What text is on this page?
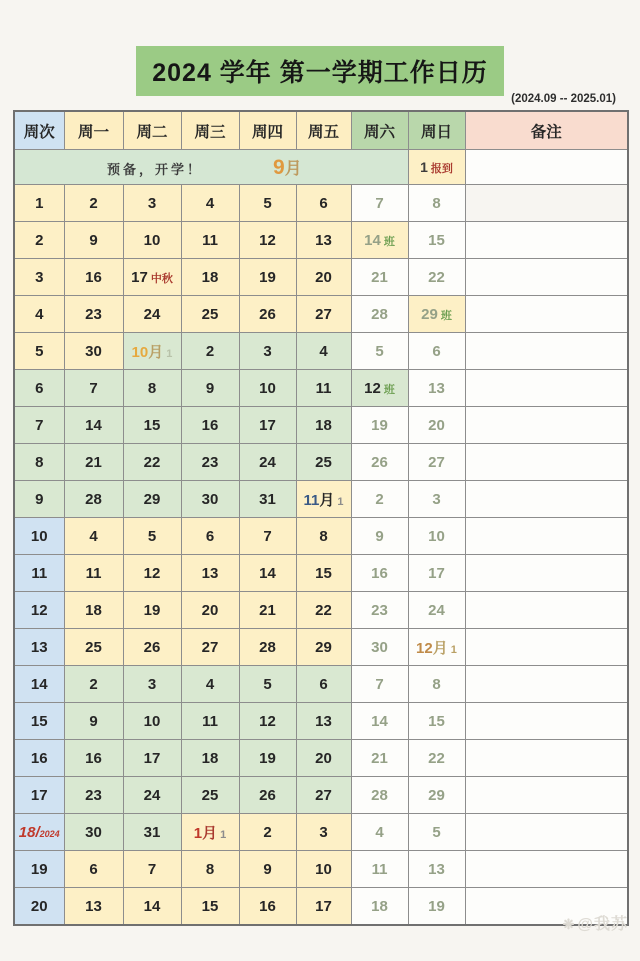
2024 学年 第一学期工作日历
(2024.09 -- 2025.01)
周次	周一	周二	周三	周四	周五	周六	周日	备注

预备，开学！ 9月							1 报到	
1	2	3	4	5	6	7	8	
2	9	10	11	12	13	14 班	15	
3	16	17 中秋	18	19	20	21	22	
4	23	24	25	26	27	28	29 班	
5	30	10月 1	2	3	4	5	6	
6	7	8	9	10	11	12 班	13	
7	14	15	16	17	18	19	20	
8	21	22	23	24	25	26	27	
9	28	29	30	31	11月 1	2	3	
10	4	5	6	7	8	9	10	
11	11	12	13	14	15	16	17	
12	18	19	20	21	22	23	24	
13	25	26	27	28	29	30	12月 1	
14	2	3	4	5	6	7	8	
15	9	10	11	12	13	14	15	
16	16	17	18	19	20	21	22	
17	23	24	25	26	27	28	29	
18/2024	30	31	1月 1	2	3	4	5	
19	6	7	8	9	10	11	13	
20	13	14	15	16	17	18	19	
❋ @我苏
